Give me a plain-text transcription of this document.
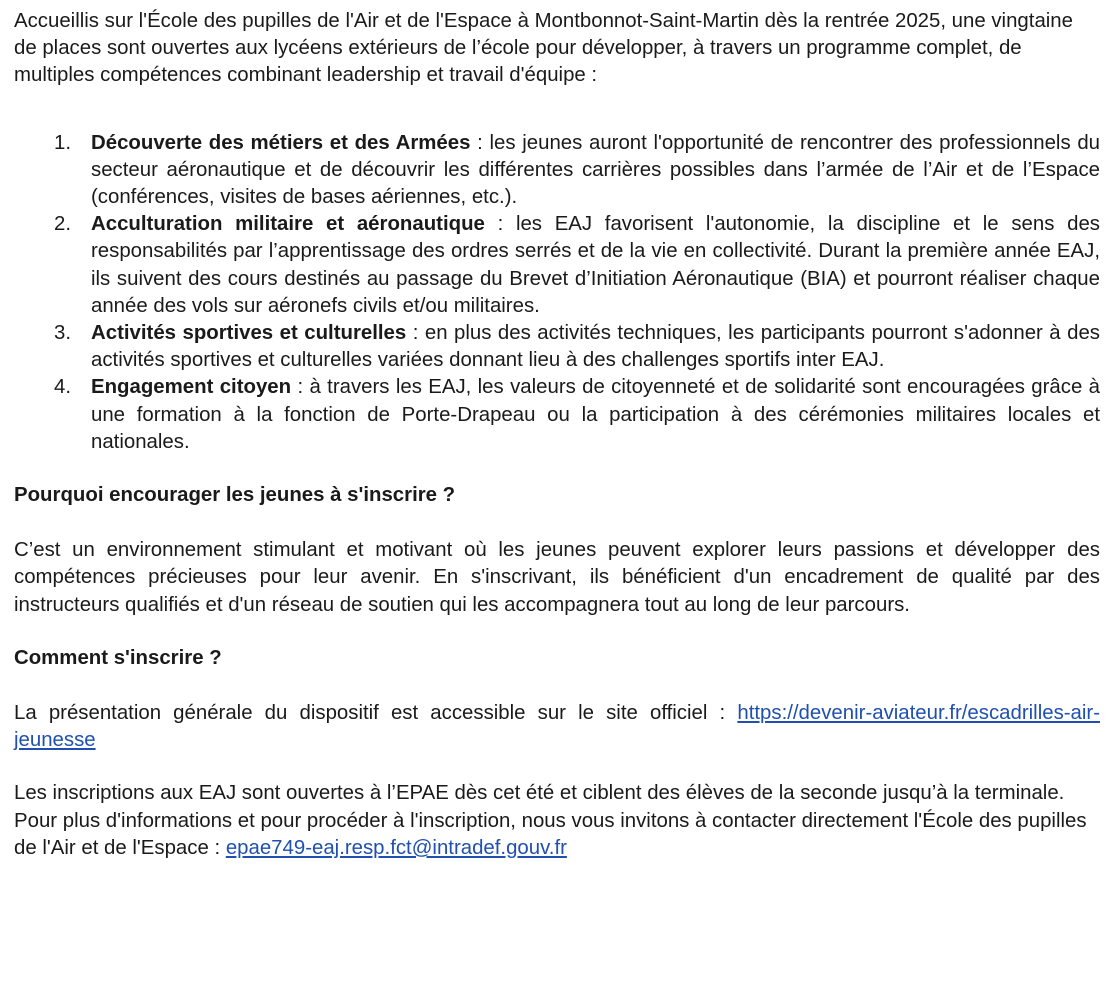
Accueillis sur l'École des pupilles de l'Air et de l'Espace à Montbonnot-Saint-Martin dès la rentrée 2025, une vingtaine de places sont ouvertes aux lycéens extérieurs de l’école pour développer, à travers un programme complet, de multiples compétences combinant leadership et travail d'équipe :

1. Découverte des métiers et des Armées : les jeunes auront l'opportunité de rencontrer des professionnels du secteur aéronautique et de découvrir les différentes carrières possibles dans l’armée de l’Air et de l’Espace (conférences, visites de bases aériennes, etc.).
2. Acculturation militaire et aéronautique : les EAJ favorisent l'autonomie, la discipline et le sens des responsabilités par l’apprentissage des ordres serrés et de la vie en collectivité. Durant la première année EAJ, ils suivent des cours destinés au passage du Brevet d’Initiation Aéronautique (BIA) et pourront réaliser chaque année des vols sur aéronefs civils et/ou militaires.
3. Activités sportives et culturelles : en plus des activités techniques, les participants pourront s'adonner à des activités sportives et culturelles variées donnant lieu à des challenges sportifs inter EAJ.
4. Engagement citoyen : à travers les EAJ, les valeurs de citoyenneté et de solidarité sont encouragées grâce à une formation à la fonction de Porte-Drapeau ou la participation à des cérémonies militaires locales et nationales.
Pourquoi encourager les jeunes à s'inscrire ?

C’est un environnement stimulant et motivant où les jeunes peuvent explorer leurs passions et développer des compétences précieuses pour leur avenir. En s'inscrivant, ils bénéficient d'un encadrement de qualité par des instructeurs qualifiés et d'un réseau de soutien qui les accompagnera tout au long de leur parcours.

Comment s'inscrire ?

La présentation générale du dispositif est accessible sur le site officiel : https://devenir-aviateur.fr/escadrilles-air-jeunesse

Les inscriptions aux EAJ sont ouvertes à l’EPAE dès cet été et ciblent des élèves de la seconde jusqu’à la terminale. Pour plus d'informations et pour procéder à l'inscription, nous vous invitons à contacter directement l'École des pupilles de l'Air et de l'Espace : epae749-eaj.resp.fct@intradef.gouv.fr
